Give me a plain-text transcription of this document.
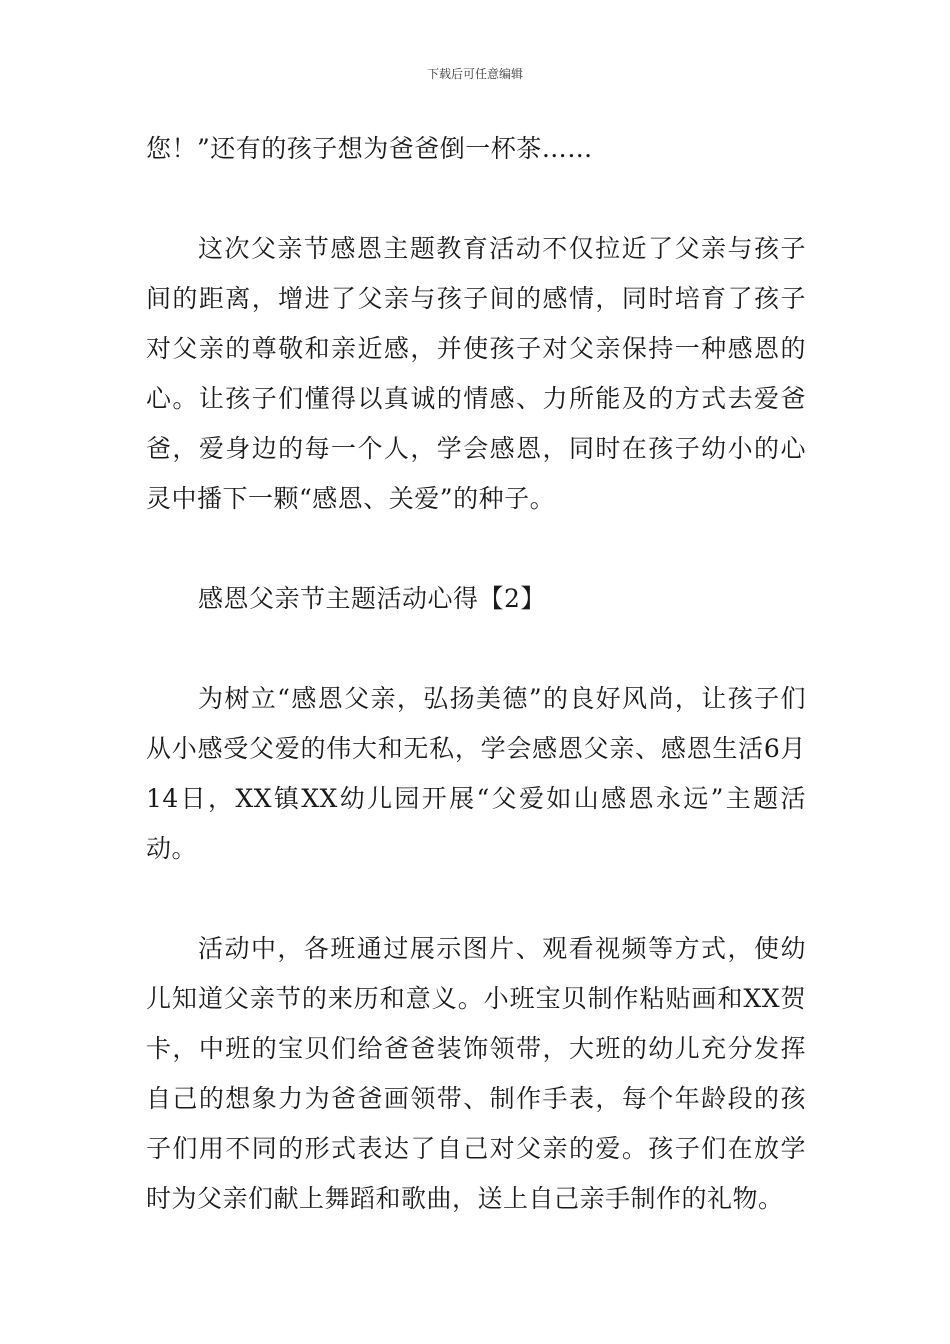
下载后可任意编辑

您！”还有的孩子想为爸爸倒一杯茶……

这次父亲节感恩主题教育活动不仅拉近了父亲与孩子间的距离，增进了父亲与孩子间的感情，同时培育了孩子对父亲的尊敬和亲近感，并使孩子对父亲保持一种感恩的心。让孩子们懂得以真诚的情感、力所能及的方式去爱爸爸，爱身边的每一个人，学会感恩，同时在孩子幼小的心灵中播下一颗“感恩、关爱”的种子。

感恩父亲节主题活动心得【2】

为树立“感恩父亲，弘扬美德”的良好风尚，让孩子们从小感受父爱的伟大和无私，学会感恩父亲、感恩生活6月14日，XX镇XX幼儿园开展“父爱如山感恩永远”主题活动。

活动中，各班通过展示图片、观看视频等方式，使幼儿知道父亲节的来历和意义。小班宝贝制作粘贴画和XX贺卡，中班的宝贝们给爸爸装饰领带，大班的幼儿充分发挥自己的想象力为爸爸画领带、制作手表，每个年龄段的孩子们用不同的形式表达了自己对父亲的爱。孩子们在放学时为父亲们献上舞蹈和歌曲，送上自己亲手制作的礼物。
